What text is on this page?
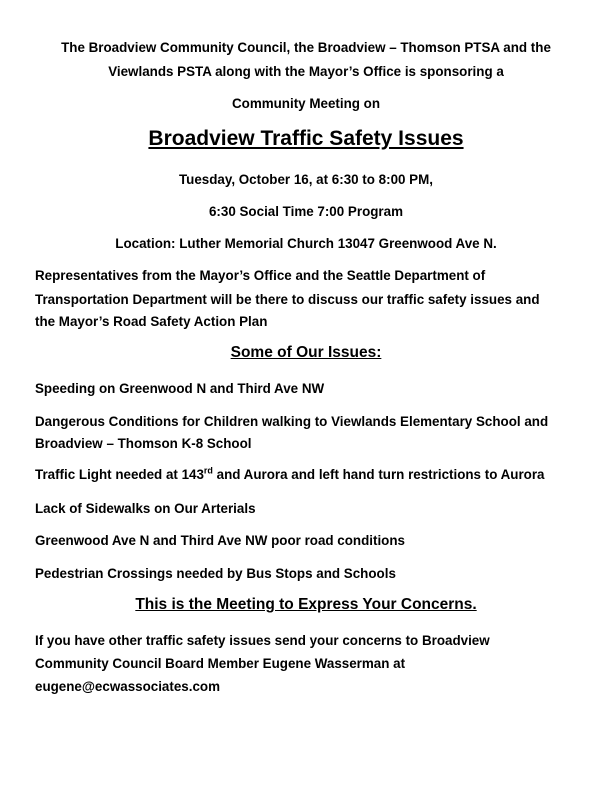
The Broadview Community Council, the Broadview – Thomson PTSA and the
Viewlands PSTA along with the Mayor’s Office is sponsoring a
Community Meeting on
Broadview Traffic Safety Issues
Tuesday, October 16, at 6:30 to 8:00 PM,
6:30 Social Time 7:00 Program
Location: Luther Memorial Church 13047 Greenwood Ave N.
Representatives from the Mayor’s Office and the Seattle Department of
Transportation Department will be there to discuss our traffic safety issues and
the Mayor’s Road Safety Action Plan
Some of Our Issues:
Speeding on Greenwood N and Third Ave NW
Dangerous Conditions for Children walking to Viewlands Elementary School and
Broadview – Thomson K-8 School
Traffic Light needed at 143rd and Aurora and left hand turn restrictions to Aurora
Lack of Sidewalks on Our Arterials
Greenwood Ave N and Third Ave NW poor road conditions
Pedestrian Crossings needed by Bus Stops and Schools
This is the Meeting to Express Your Concerns.
If you have other traffic safety issues send your concerns to Broadview
Community Council Board Member Eugene Wasserman at
eugene@ecwassociates.com
